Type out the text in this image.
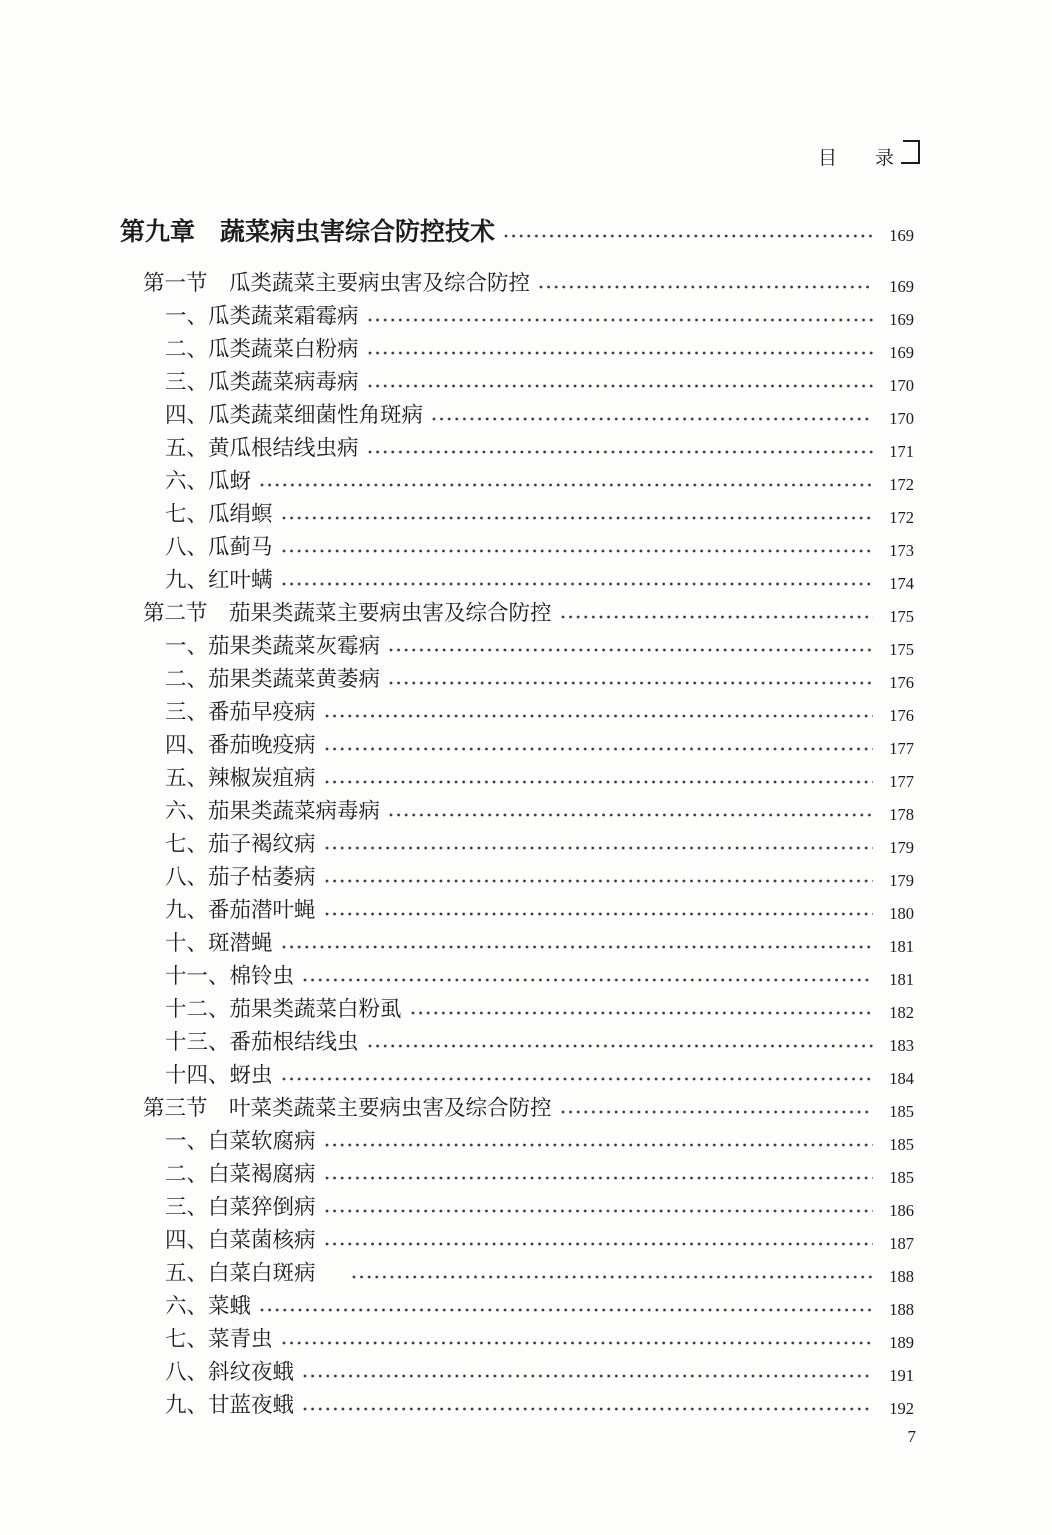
目　录
第九章　蔬菜病虫害综合防控技术	169
第一节　瓜类蔬菜主要病虫害及综合防控	169
一、瓜类蔬菜霜霉病	169
二、瓜类蔬菜白粉病	169
三、瓜类蔬菜病毒病	170
四、瓜类蔬菜细菌性角斑病	170
五、黄瓜根结线虫病	171
六、瓜蚜	172
七、瓜绢螟	172
八、瓜蓟马	173
九、红叶螨	174
第二节　茄果类蔬菜主要病虫害及综合防控	175
一、茄果类蔬菜灰霉病	175
二、茄果类蔬菜黄萎病	176
三、番茄早疫病	176
四、番茄晚疫病	177
五、辣椒炭疽病	177
六、茄果类蔬菜病毒病	178
七、茄子褐纹病	179
八、茄子枯萎病	179
九、番茄潜叶蝇	180
十、斑潜蝇	181
十一、棉铃虫	181
十二、茄果类蔬菜白粉虱	182
十三、番茄根结线虫	183
十四、蚜虫	184
第三节　叶菜类蔬菜主要病虫害及综合防控	185
一、白菜软腐病	185
二、白菜褐腐病	185
三、白菜猝倒病	186
四、白菜菌核病	187
五、白菜白斑病	188
六、菜蛾	188
七、菜青虫	189
八、斜纹夜蛾	191
九、甘蓝夜蛾	192
7
